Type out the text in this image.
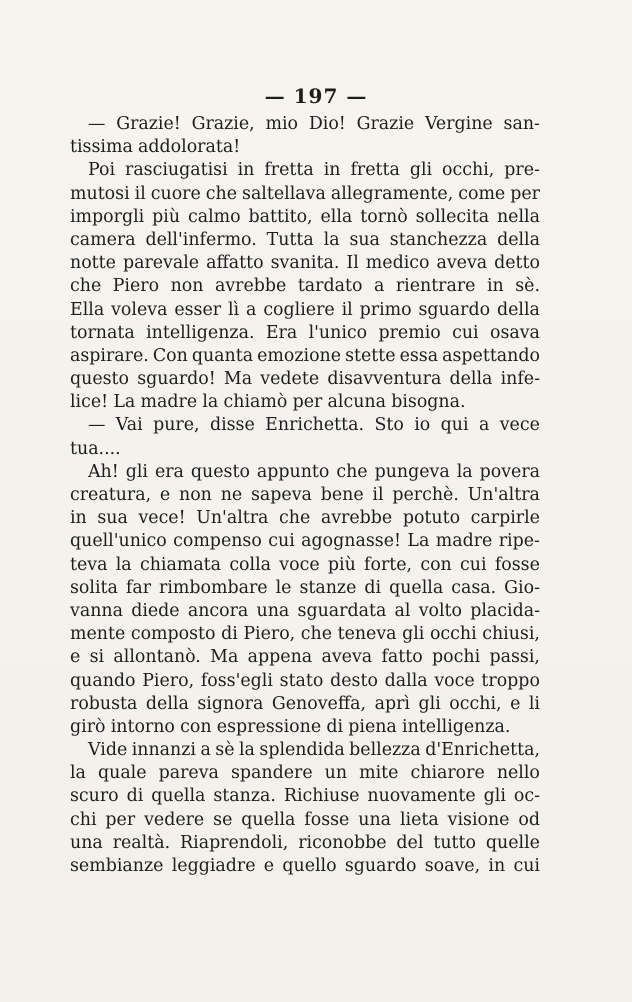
— 197 —
— Grazie! Grazie, mio Dio! Grazie Vergine san-
tissima addolorata!
Poi rasciugatisi in fretta in fretta gli occhi, pre-
mutosi il cuore che saltellava allegramente, come per
imporgli più calmo battito, ella tornò sollecita nella
camera dell'infermo. Tutta la sua stanchezza della
notte parevale affatto svanita. Il medico aveva detto
che Piero non avrebbe tardato a rientrare in sè.
Ella voleva esser lì a cogliere il primo sguardo della
tornata intelligenza. Era l'unico premio cui osava
aspirare. Con quanta emozione stette essa aspettando
questo sguardo! Ma vedete disavventura della infe-
lice! La madre la chiamò per alcuna bisogna.
— Vai pure, disse Enrichetta. Sto io qui a vece
tua....
Ah! gli era questo appunto che pungeva la povera
creatura, e non ne sapeva bene il perchè. Un'altra
in sua vece! Un'altra che avrebbe potuto carpirle
quell'unico compenso cui agognasse! La madre ripe-
teva la chiamata colla voce più forte, con cui fosse
solita far rimbombare le stanze di quella casa. Gio-
vanna diede ancora una sguardata al volto placida-
mente composto di Piero, che teneva gli occhi chiusi,
e si allontanò. Ma appena aveva fatto pochi passi,
quando Piero, foss'egli stato desto dalla voce troppo
robusta della signora Genoveffa, aprì gli occhi, e li
girò intorno con espressione di piena intelligenza.
Vide innanzi a sè la splendida bellezza d'Enrichetta,
la quale pareva spandere un mite chiarore nello
scuro di quella stanza. Richiuse nuovamente gli oc-
chi per vedere se quella fosse una lieta visione od
una realtà. Riaprendoli, riconobbe del tutto quelle
sembianze leggiadre e quello sguardo soave, in cui
